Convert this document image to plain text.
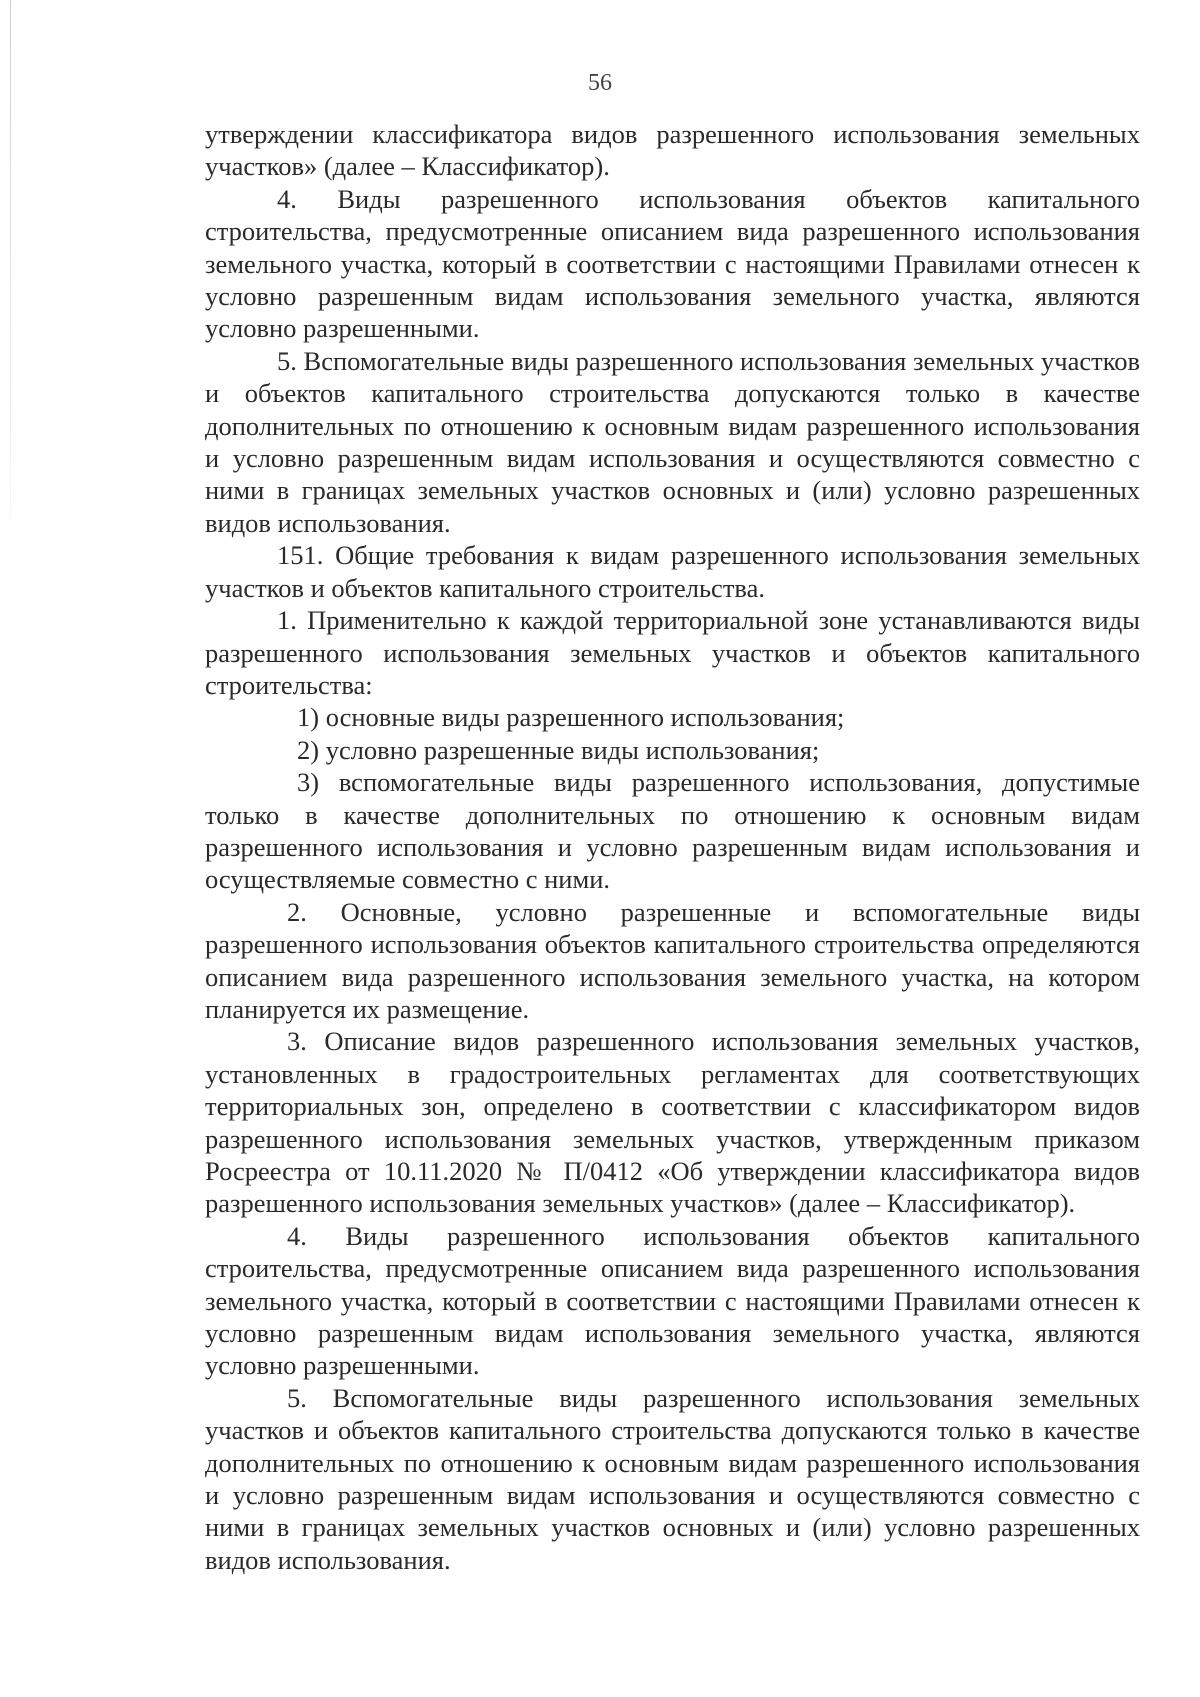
56

утверждении классификатора видов разрешенного использования земельных участков» (далее – Классификатор).

4. Виды разрешенного использования объектов капитального строительства, предусмотренные описанием вида разрешенного использования земельного участка, который в соответствии с настоящими Правилами отнесен к условно разрешенным видам использования земельного участка, являются условно разрешенными.

5. Вспомогательные виды разрешенного использования земельных участков и объектов капитального строительства допускаются только в качестве дополнительных по отношению к основным видам разрешенного использования и условно разрешенным видам использования и осуществляются совместно с ними в границах земельных участков основных и (или) условно разрешенных видов использования.

151. Общие требования к видам разрешенного использования земельных участков и объектов капитального строительства.

1. Применительно к каждой территориальной зоне устанавливаются виды разрешенного использования земельных участков и объектов капитального строительства:

1) основные виды разрешенного использования;

2) условно разрешенные виды использования;

3) вспомогательные виды разрешенного использования, допустимые только в качестве дополнительных по отношению к основным видам разрешенного использования и условно разрешенным видам использования и осуществляемые совместно с ними.

2. Основные, условно разрешенные и вспомогательные виды разрешенного использования объектов капитального строительства определяются описанием вида разрешенного использования земельного участка, на котором планируется их размещение.

3. Описание видов разрешенного использования земельных участков, установленных в градостроительных регламентах для соответствующих территориальных зон, определено в соответствии с классификатором видов разрешенного использования земельных участков, утвержденным приказом Росреестра от 10.11.2020 № П/0412 «Об утверждении классификатора видов разрешенного использования земельных участков» (далее – Классификатор).

4. Виды разрешенного использования объектов капитального строительства, предусмотренные описанием вида разрешенного использования земельного участка, который в соответствии с настоящими Правилами отнесен к условно разрешенным видам использования земельного участка, являются условно разрешенными.

5. Вспомогательные виды разрешенного использования земельных участков и объектов капитального строительства допускаются только в качестве дополнительных по отношению к основным видам разрешенного использования и условно разрешенным видам использования и осуществляются совместно с ними в границах земельных участков основных и (или) условно разрешенных видов использования.
